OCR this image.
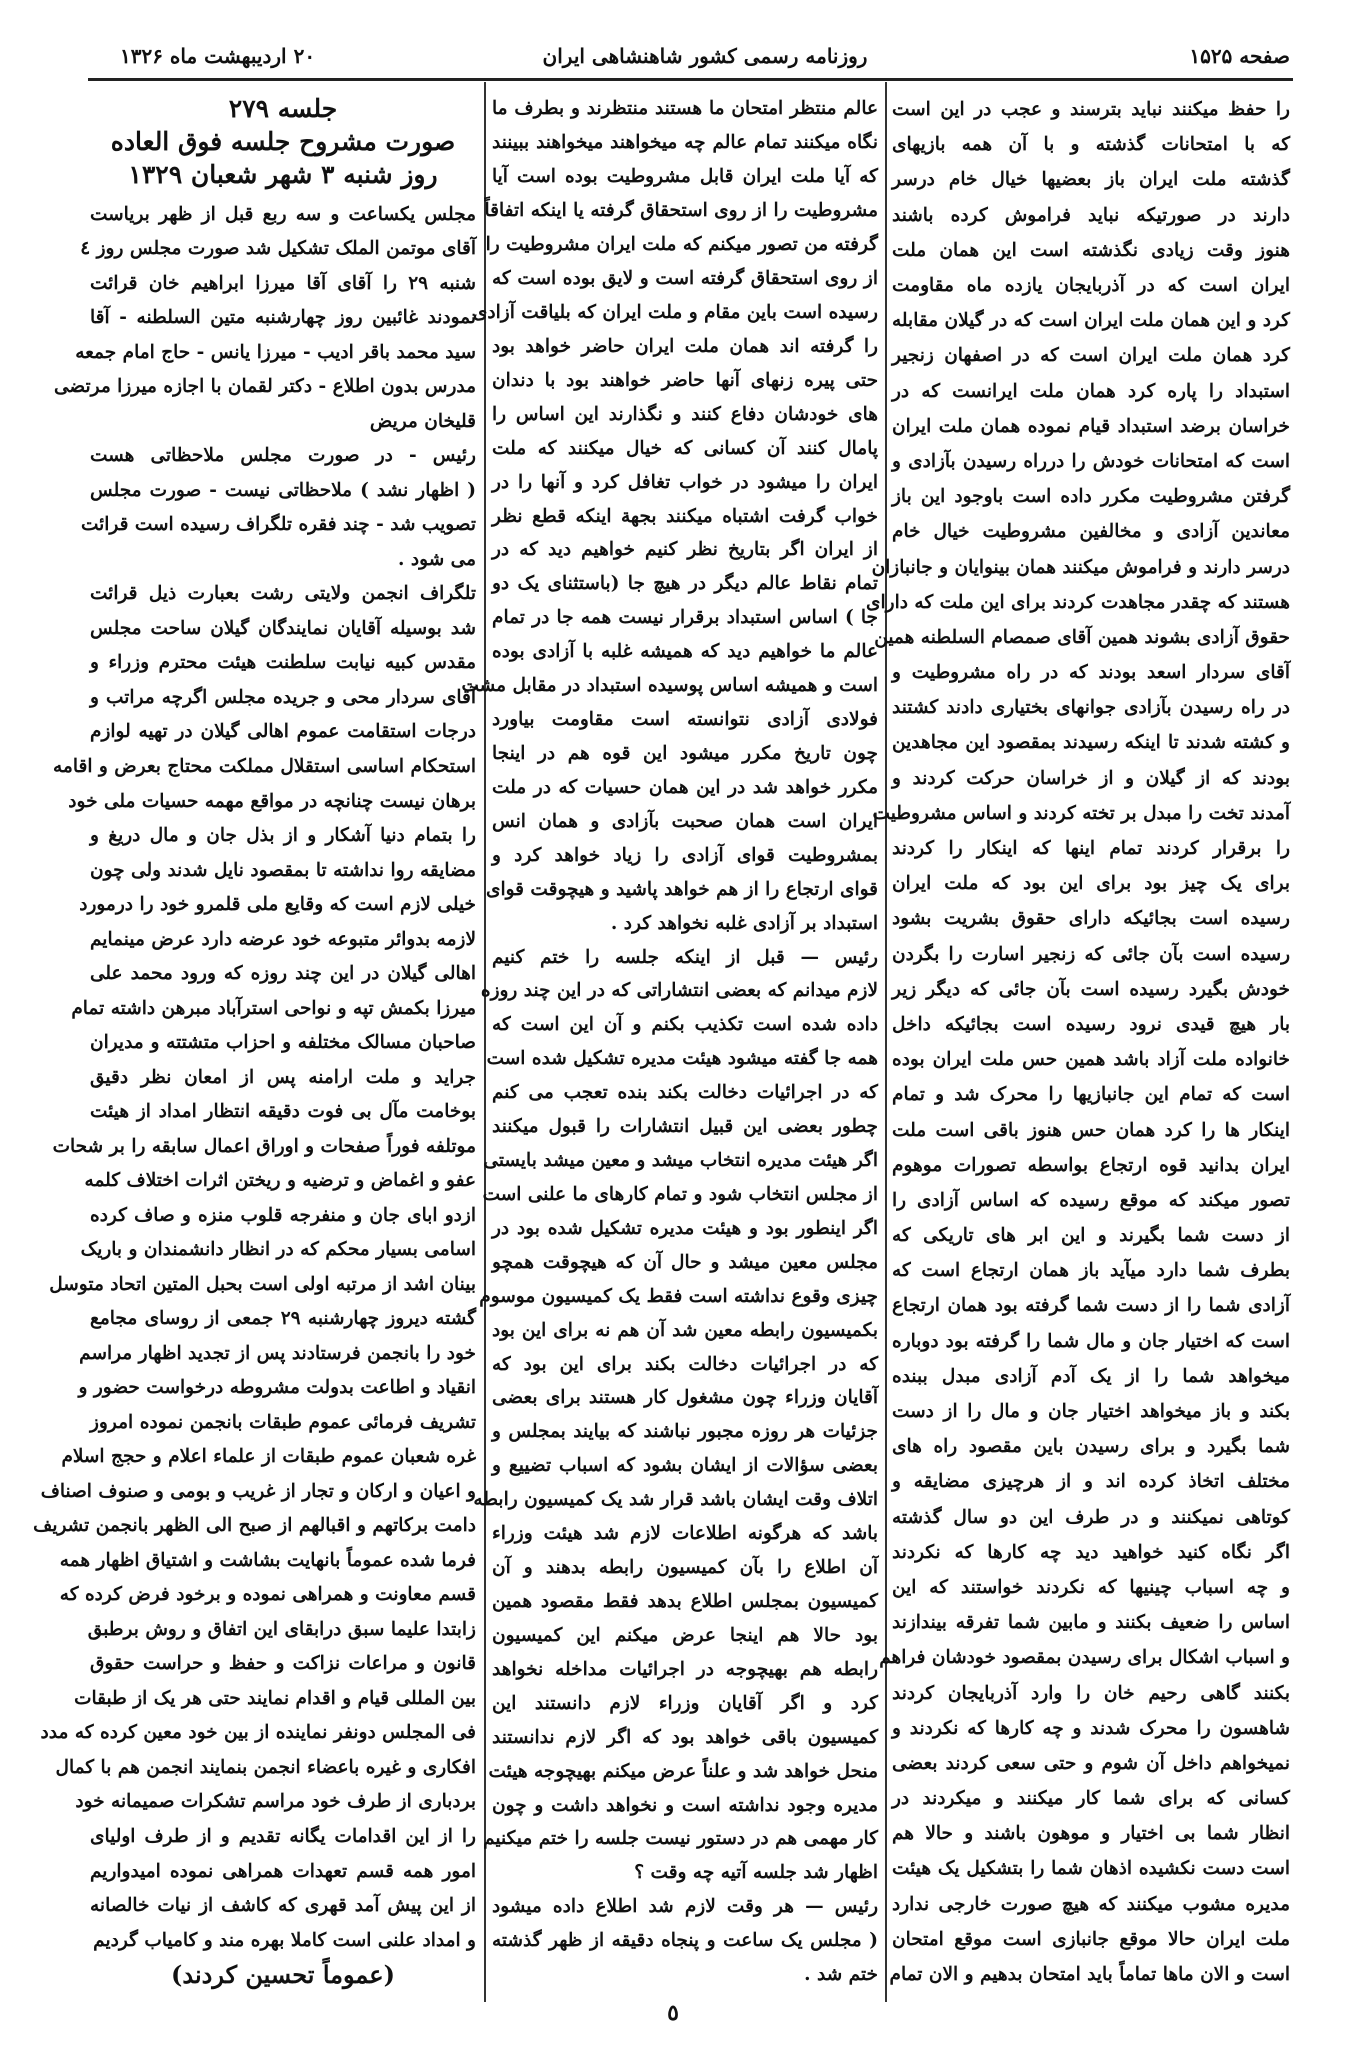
صفحه ۱۵۲۵
روزنامه رسمی کشور شاهنشاهی ایران
۲۰ اردیبهشت ماه ۱۳۲۶
را حفظ میکنند نباید بترسند و عجب در این است
که با امتحانات گذشته و با آن همه بازیهای
گذشته ملت ایران باز بعضیها خیال خام درسر
دارند در صورتیکه نباید فراموش کرده باشند
هنوز وقت زیادی نگذشته است این همان ملت
ایران است که در آذربایجان یازده ماه مقاومت
کرد و این همان ملت ایران است که در گیلان مقابله
کرد همان ملت ایران است که در اصفهان زنجیر
استبداد را پاره کرد همان ملت ایرانست که در
خراسان برضد استبداد قیام نموده همان ملت ایران
است که امتحانات خودش را درراه رسیدن بآزادی و
گرفتن مشروطیت مکرر داده است باوجود این باز
معاندین آزادی و مخالفین مشروطیت خیال خام
درسر دارند و فراموش میکنند همان بینوایان و جانبازان
هستند که چقدر مجاهدت کردند برای این ملت که دارای
حقوق آزادی بشوند همین آقای صمصام السلطنه همین
آقای سردار اسعد بودند که در راه مشروطیت و
در راه رسیدن بآزادی جوانهای بختیاری دادند کشتند
و کشته شدند تا اینکه رسیدند بمقصود این مجاهدین
بودند که از گیلان و از خراسان حرکت کردند و
آمدند تخت را مبدل بر تخته کردند و اساس مشروطیت
را برقرار کردند تمام اینها که اینکار را کردند
برای یک چیز بود برای این بود که ملت ایران
رسیده است بجائیکه دارای حقوق بشریت بشود
رسیده است بآن جائی که زنجیر اسارت را بگردن
خودش بگیرد رسیده است بآن جائی که دیگر زیر
بار هیچ قیدی نرود رسیده است بجائیکه داخل
خانواده ملت آزاد باشد همین حس ملت ایران بوده
است که تمام این جانبازیها را محرک شد و تمام
اینکار ها را کرد همان حس هنوز باقی است ملت
ایران بدانید قوه ارتجاع بواسطه تصورات موهوم
تصور میکند که موقع رسیده که اساس آزادی را
از دست شما بگیرند و این ابر های تاریکی که
بطرف شما دارد میآید باز همان ارتجاع است که
آزادی شما را از دست شما گرفته بود همان ارتجاع
است که اختیار جان و مال شما را گرفته بود دوباره
میخواهد شما را از یک آدم آزادی مبدل ببنده
بکند و باز میخواهد اختیار جان و مال را از دست
شما بگیرد و برای رسیدن باین مقصود راه های
مختلف اتخاذ کرده اند و از هرچیزی مضایقه و
کوتاهی نمیکنند و در طرف این دو سال گذشته
اگر نگاه کنید خواهید دید چه کارها که نکردند
و چه اسباب چینیها که نکردند خواستند که این
اساس را ضعیف بکنند و مابین شما تفرقه بیندازند
و اسباب اشکال برای رسیدن بمقصود خودشان فراهم
بکنند گاهی رحیم خان را وارد آذربایجان کردند
شاهسون را محرک شدند و چه کارها که نکردند و
نمیخواهم داخل آن شوم و حتی سعی کردند بعضی
کسانی که برای شما کار میکنند و میکردند در
انظار شما بی اختیار و موهون باشند و حالا هم
است دست نکشیده اذهان شما را بتشکیل یک هیئت
مدیره مشوب میکنند که هیچ صورت خارجی ندارد
ملت ایران حالا موقع جانبازی است موقع امتحان
است و الان ماها تماماً باید امتحان بدهیم و الان تمام
عالم منتظر امتحان ما هستند منتظرند و بطرف ما
نگاه میکنند تمام عالم چه میخواهند میخواهند ببینند
که آیا ملت ایران قابل مشروطیت بوده است آیا
مشروطیت را از روی استحقاق گرفته یا اینکه اتفاقاً
گرفته من تصور میکنم که ملت ایران مشروطیت را
از روی استحقاق گرفته است و لایق بوده است که
رسیده است باین مقام و ملت ایران که بلیاقت آزادی
را گرفته اند همان ملت ایران حاضر خواهد بود
حتی پیره زنهای آنها حاضر خواهند بود با دندان
های خودشان دفاع کنند و نگذارند این اساس را
پامال کنند آن کسانی که خیال میکنند که ملت
ایران را میشود در خواب تغافل کرد و آنها را در
خواب گرفت اشتباه میکنند بجهة اینکه قطع نظر
از ایران اگر بتاریخ نظر کنیم خواهیم دید که در
تمام نقاط عالم دیگر در هیچ جا (باستثنای یک دو
جا ) اساس استبداد برقرار نیست همه جا در تمام
عالم ما خواهیم دید که همیشه غلبه با آزادی بوده
است و همیشه اساس پوسیده استبداد در مقابل مشت
فولادی آزادی نتوانسته است مقاومت بیاورد
چون تاریخ مکرر میشود این قوه هم در اینجا
مکرر خواهد شد در این همان حسیات که در ملت
ایران است همان صحبت بآزادی و همان انس
بمشروطیت قوای آزادی را زیاد خواهد کرد و
قوای ارتجاع را از هم خواهد پاشید و هیچوقت قوای
استبداد بر آزادی غلبه نخواهد کرد .
رئیس — قبل از اینکه جلسه را ختم کنیم
لازم میدانم که بعضی انتشاراتی که در این چند روزه
داده شده است تکذیب بکنم و آن این است که
همه جا گفته میشود هیئت مدیره تشکیل شده است
که در اجرائیات دخالت بکند بنده تعجب می کنم
چطور بعضی این قبیل انتشارات را قبول میکنند
اگر هیئت مدیره انتخاب میشد و معین میشد بایستی
از مجلس انتخاب شود و تمام کارهای ما علنی است
اگر اینطور بود و هیئت مدیره تشکیل شده بود در
مجلس معین میشد و حال آن که هیچوقت همچو
چیزی وقوع نداشته است فقط یک کمیسیون موسوم
بکمیسیون رابطه معین شد آن هم نه برای این بود
که در اجرائیات دخالت بکند برای این بود که
آقایان وزراء چون مشغول کار هستند برای بعضی
جزئیات هر روزه مجبور نباشند که بیایند بمجلس و
بعضی سؤالات از ایشان بشود که اسباب تضییع و
اتلاف وقت ایشان باشد قرار شد یک کمیسیون رابطه
باشد که هرگونه اطلاعات لازم شد هیئت وزراء
آن اطلاع را بآن کمیسیون رابطه بدهند و آن
کمیسیون بمجلس اطلاع بدهد فقط مقصود همین
بود حالا هم اینجا عرض میکنم این کمیسیون
رابطه هم بهیچوجه در اجرائیات مداخله نخواهد
کرد و اگر آقایان وزراء لازم دانستند این
کمیسیون باقی خواهد بود که اگر لازم ندانستند
منحل خواهد شد و علناً عرض میکنم بهیچوجه هیئت
مدیره وجود نداشته است و نخواهد داشت و چون
کار مهمی هم در دستور نیست جلسه را ختم میکنیم
اظهار شد جلسه آتیه چه وقت ؟
رئیس — هر وقت لازم شد اطلاع داده میشود
( مجلس یک ساعت و پنجاه دقیقه از ظهر گذشته
ختم شد .
جلسه ۲۷۹
صورت مشروح جلسه فوق العاده
روز شنبه ۳ شهر شعبان ۱۳۲۹
مجلس یکساعت و سه ربع قبل از ظهر بریاست
آقای موتمن الملک تشکیل شد صورت مجلس روز ٤
شنبه ۲۹ را آقای آقا میرزا ابراهیم خان قرائت
نمودند غائبین روز چهارشنبه متین السلطنه - آقا
سید محمد باقر ادیب - میرزا یانس - حاج امام جمعه
مدرس بدون اطلاع - دکتر لقمان با اجازه میرزا مرتضی
قلیخان مریض
رئیس - در صورت مجلس ملاحظاتی هست
( اظهار نشد ) ملاحظاتی نیست - صورت مجلس
تصویب شد - چند فقره تلگراف رسیده است قرائت
می شود .
تلگراف انجمن ولایتی رشت بعبارت ذیل قرائت
شد بوسیله آقایان نمایندگان گیلان ساحت مجلس
مقدس کبیه نیابت سلطنت هیئت محترم وزراء و
آقای سردار محی و جریده مجلس اگرچه مراتب و
درجات استقامت عموم اهالی گیلان در تهیه لوازم
استحکام اساسی استقلال مملکت محتاج بعرض و اقامه
برهان نیست چنانچه در مواقع مهمه حسیات ملی خود
را بتمام دنیا آشکار و از بذل جان و مال دریغ و
مضایقه روا نداشته تا بمقصود نایل شدند ولی چون
خیلی لازم است که وقایع ملی قلمرو خود را درمورد
لازمه بدوائر متبوعه خود عرضه دارد عرض مینمایم
اهالی گیلان در این چند روزه که ورود محمد علی
میرزا بکمش تپه و نواحی استرآباد مبرهن داشته تمام
صاحبان مسالک مختلفه و احزاب متشتته و مدیران
جراید و ملت ارامنه پس از امعان نظر دقیق
بوخامت مآل بی فوت دقیقه انتظار امداد از هیئت
موتلفه فوراً صفحات و اوراق اعمال سابقه را بر شحات
عفو و اغماض و ترضیه و ریختن اثرات اختلاف کلمه
ازدو ابای جان و منفرجه قلوب منزه و صاف کرده
اسامی بسیار محکم که در انظار دانشمندان و باریک
بینان اشد از مرتبه اولی است بحبل المتین اتحاد متوسل
گشته دیروز چهارشنبه ۲۹ جمعی از روسای مجامع
خود را بانجمن فرستادند پس از تجدید اظهار مراسم
انقیاد و اطاعت بدولت مشروطه درخواست حضور و
تشریف فرمائی عموم طبقات بانجمن نموده امروز
غره شعبان عموم طبقات از علماء اعلام و حجج اسلام
و اعیان و ارکان و تجار از غریب و بومی و صنوف اصناف
دامت برکاتهم و اقبالهم از صبح الی الظهر بانجمن تشریف
فرما شده عموماً بانهایت بشاشت و اشتیاق اظهار همه
قسم معاونت و همراهی نموده و برخود فرض کرده که
زابتدا علیما سبق درابقای این اتفاق و روش برطبق
قانون و مراعات نزاکت و حفظ و حراست حقوق
بین المللی قیام و اقدام نمایند حتی هر یک از طبقات
فی المجلس دونفر نماینده از بین خود معین کرده که مدد
افکاری و غیره باعضاء انجمن بنمایند انجمن هم با کمال
بردباری از طرف خود مراسم تشکرات صمیمانه خود
را از این اقدامات یگانه تقدیم و از طرف اولیای
امور همه قسم تعهدات همراهی نموده امیدواریم
از این پیش آمد قهری که کاشف از نیات خالصانه
و امداد علنی است کاملا بهره مند و کامیاب گردیم
(عموماً تحسین کردند)
٥
